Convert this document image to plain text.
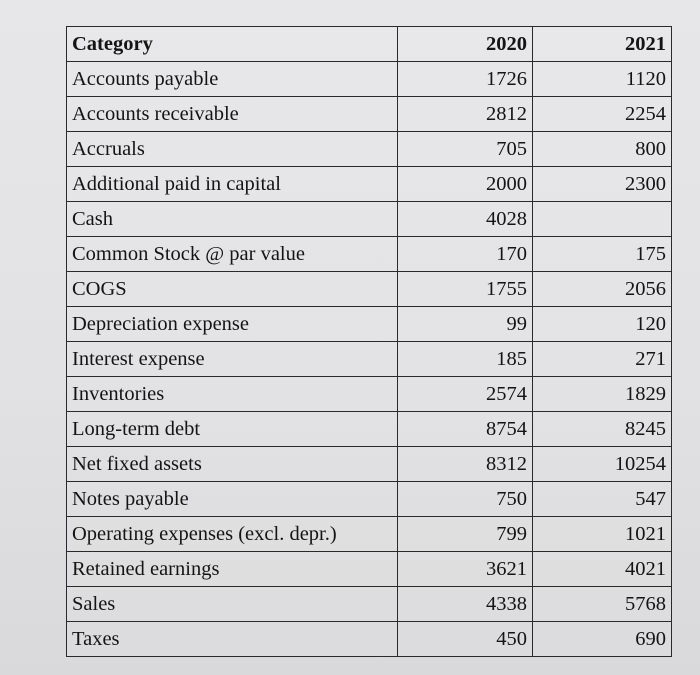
Category	2020	2021
Accounts payable	1726	1120
Accounts receivable	2812	2254
Accruals	705	800
Additional paid in capital	2000	2300
Cash	4028	
Common Stock @ par value	170	175
COGS	1755	2056
Depreciation expense	99	120
Interest expense	185	271
Inventories	2574	1829
Long-term debt	8754	8245
Net fixed assets	8312	10254
Notes payable	750	547
Operating expenses (excl. depr.)	799	1021
Retained earnings	3621	4021
Sales	4338	5768
Taxes	450	690
